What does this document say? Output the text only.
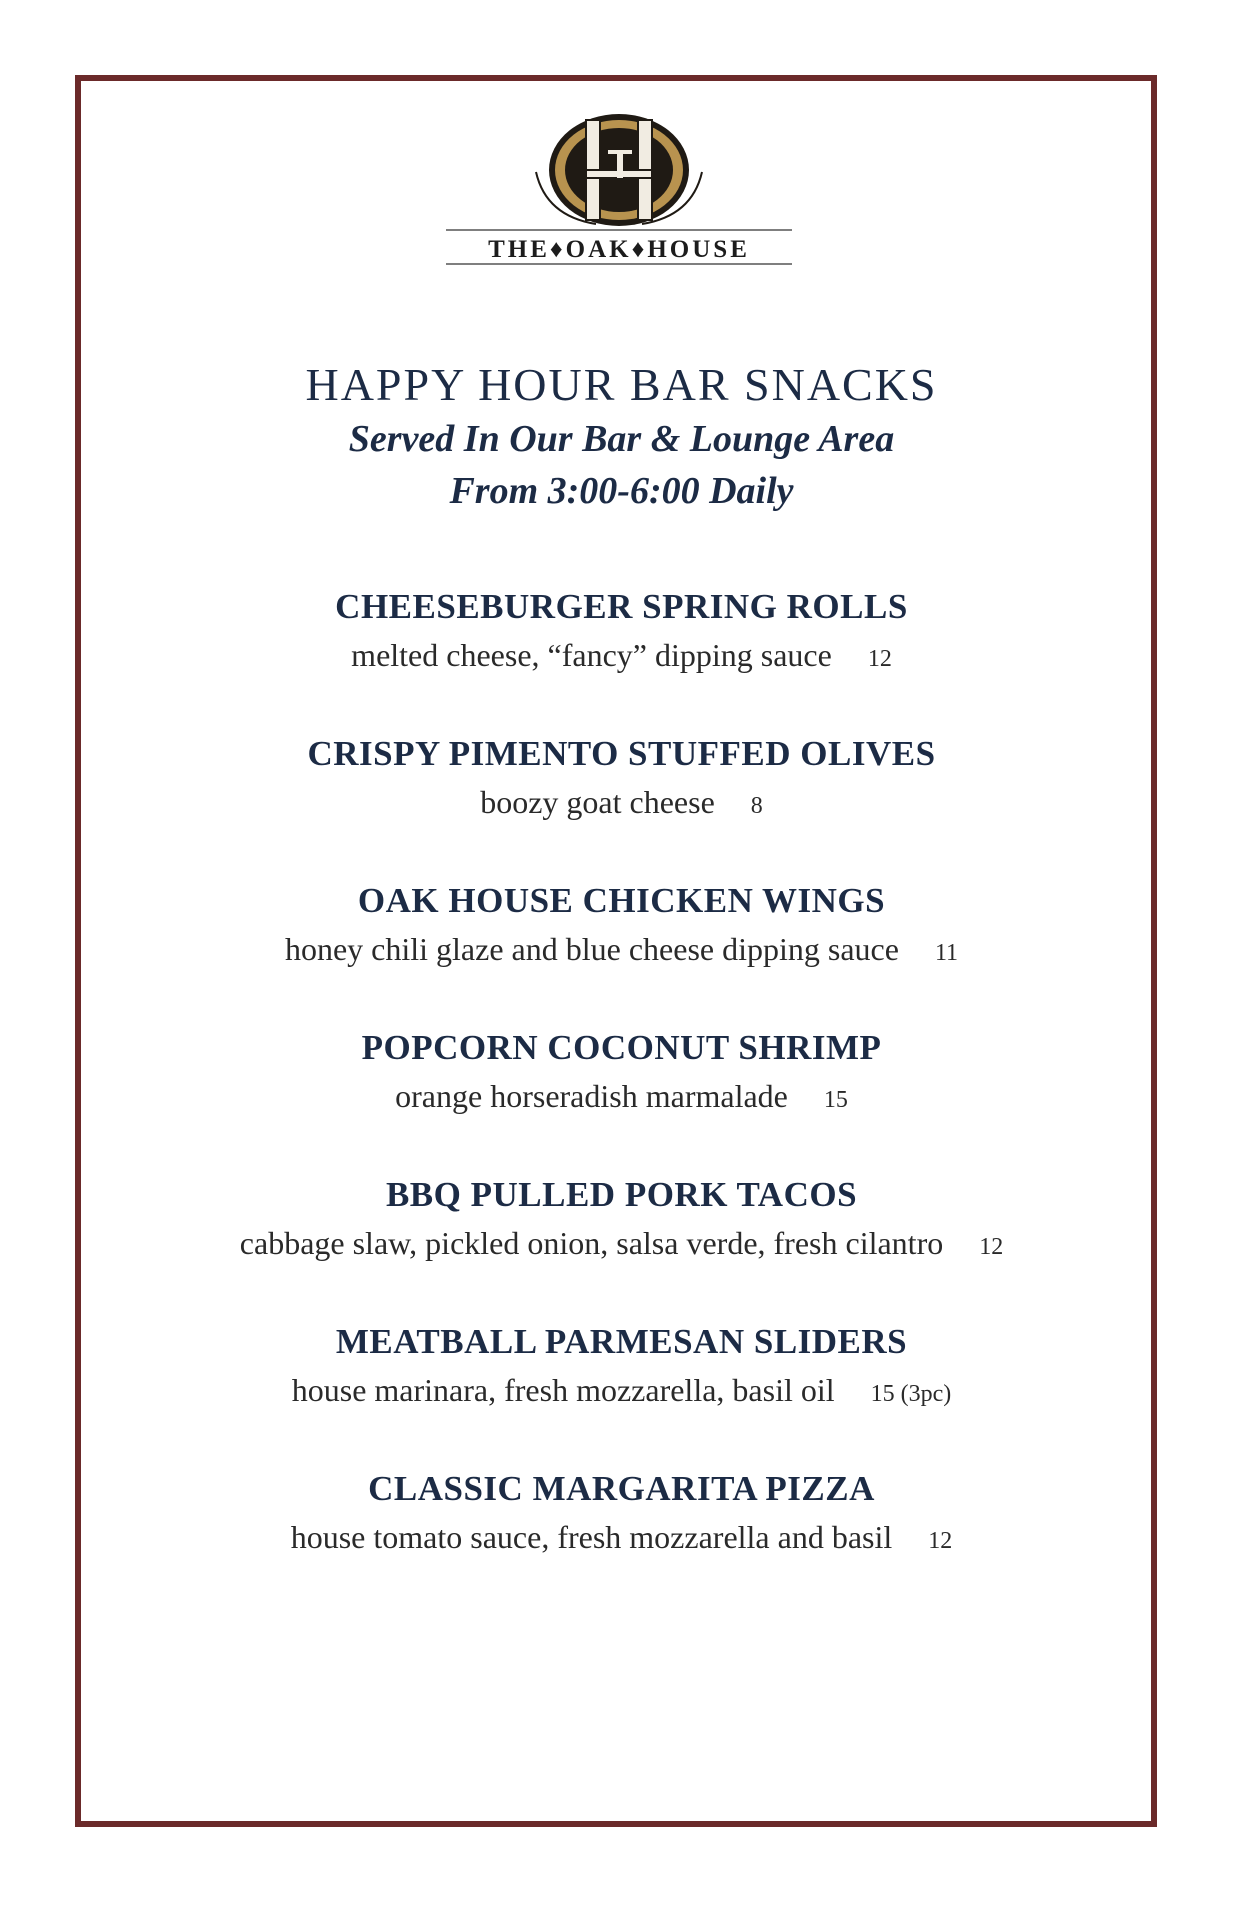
THE♦OAK♦HOUSE
HAPPY HOUR BAR SNACKS
Served In Our Bar & Lounge Area
From 3:00-6:00 Daily
CHEESEBURGER SPRING ROLLS
melted cheese, “fancy” dipping sauce 12
CRISPY PIMENTO STUFFED OLIVES
boozy goat cheese 8
OAK HOUSE CHICKEN WINGS
honey chili glaze and blue cheese dipping sauce 11
POPCORN COCONUT SHRIMP
orange horseradish marmalade 15
BBQ PULLED PORK TACOS
cabbage slaw, pickled onion, salsa verde, fresh cilantro 12
MEATBALL PARMESAN SLIDERS
house marinara, fresh mozzarella, basil oil 15 (3pc)
CLASSIC MARGARITA PIZZA
house tomato sauce, fresh mozzarella and basil 12
